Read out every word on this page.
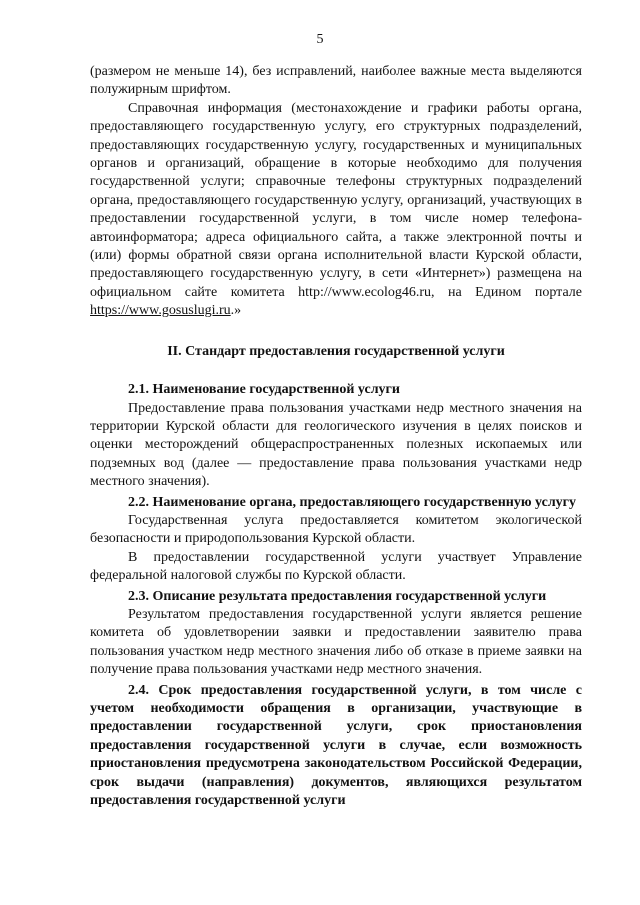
5

(размером не меньше 14), без исправлений, наиболее важные места выделяются полужирным шрифтом.

Справочная информация (местонахождение и графики работы органа, предоставляющего государственную услугу, его структурных подразделений, предоставляющих государственную услугу, государственных и муниципальных органов и организаций, обращение в которые необходимо для получения государственной услуги; справочные телефоны структурных подразделений органа, предоставляющего государственную услугу, организаций, участвующих в предоставлении государственной услуги, в том числе номер телефона-автоинформатора; адреса официального сайта, а также электронной почты и (или) формы обратной связи органа исполнительной власти Курской области, предоставляющего государственную услугу, в сети «Интернет») размещена на официальном сайте комитета http://www.ecolog46.ru, на Едином портале https://www.gosuslugi.ru.»

II. Стандарт предоставления государственной услуги

2.1. Наименование государственной услуги

Предоставление права пользования участками недр местного значения на территории Курской области для геологического изучения в целях поисков и оценки месторождений общераспространенных полезных ископаемых или подземных вод (далее — предоставление права пользования участками недр местного значения).

2.2. Наименование органа, предоставляющего государственную услугу

Государственная услуга предоставляется комитетом экологической безопасности и природопользования Курской области.

В предоставлении государственной услуги участвует Управление федеральной налоговой службы по Курской области.

2.3. Описание результата предоставления государственной услуги

Результатом предоставления государственной услуги является решение комитета об удовлетворении заявки и предоставлении заявителю права пользования участком недр местного значения либо об отказе в приеме заявки на получение права пользования участками недр местного значения.

2.4. Срок предоставления государственной услуги, в том числе с учетом необходимости обращения в организации, участвующие в предоставлении государственной услуги, срок приостановления предоставления государственной услуги в случае, если возможность приостановления предусмотрена законодательством Российской Федерации, срок выдачи (направления) документов, являющихся результатом предоставления государственной услуги
